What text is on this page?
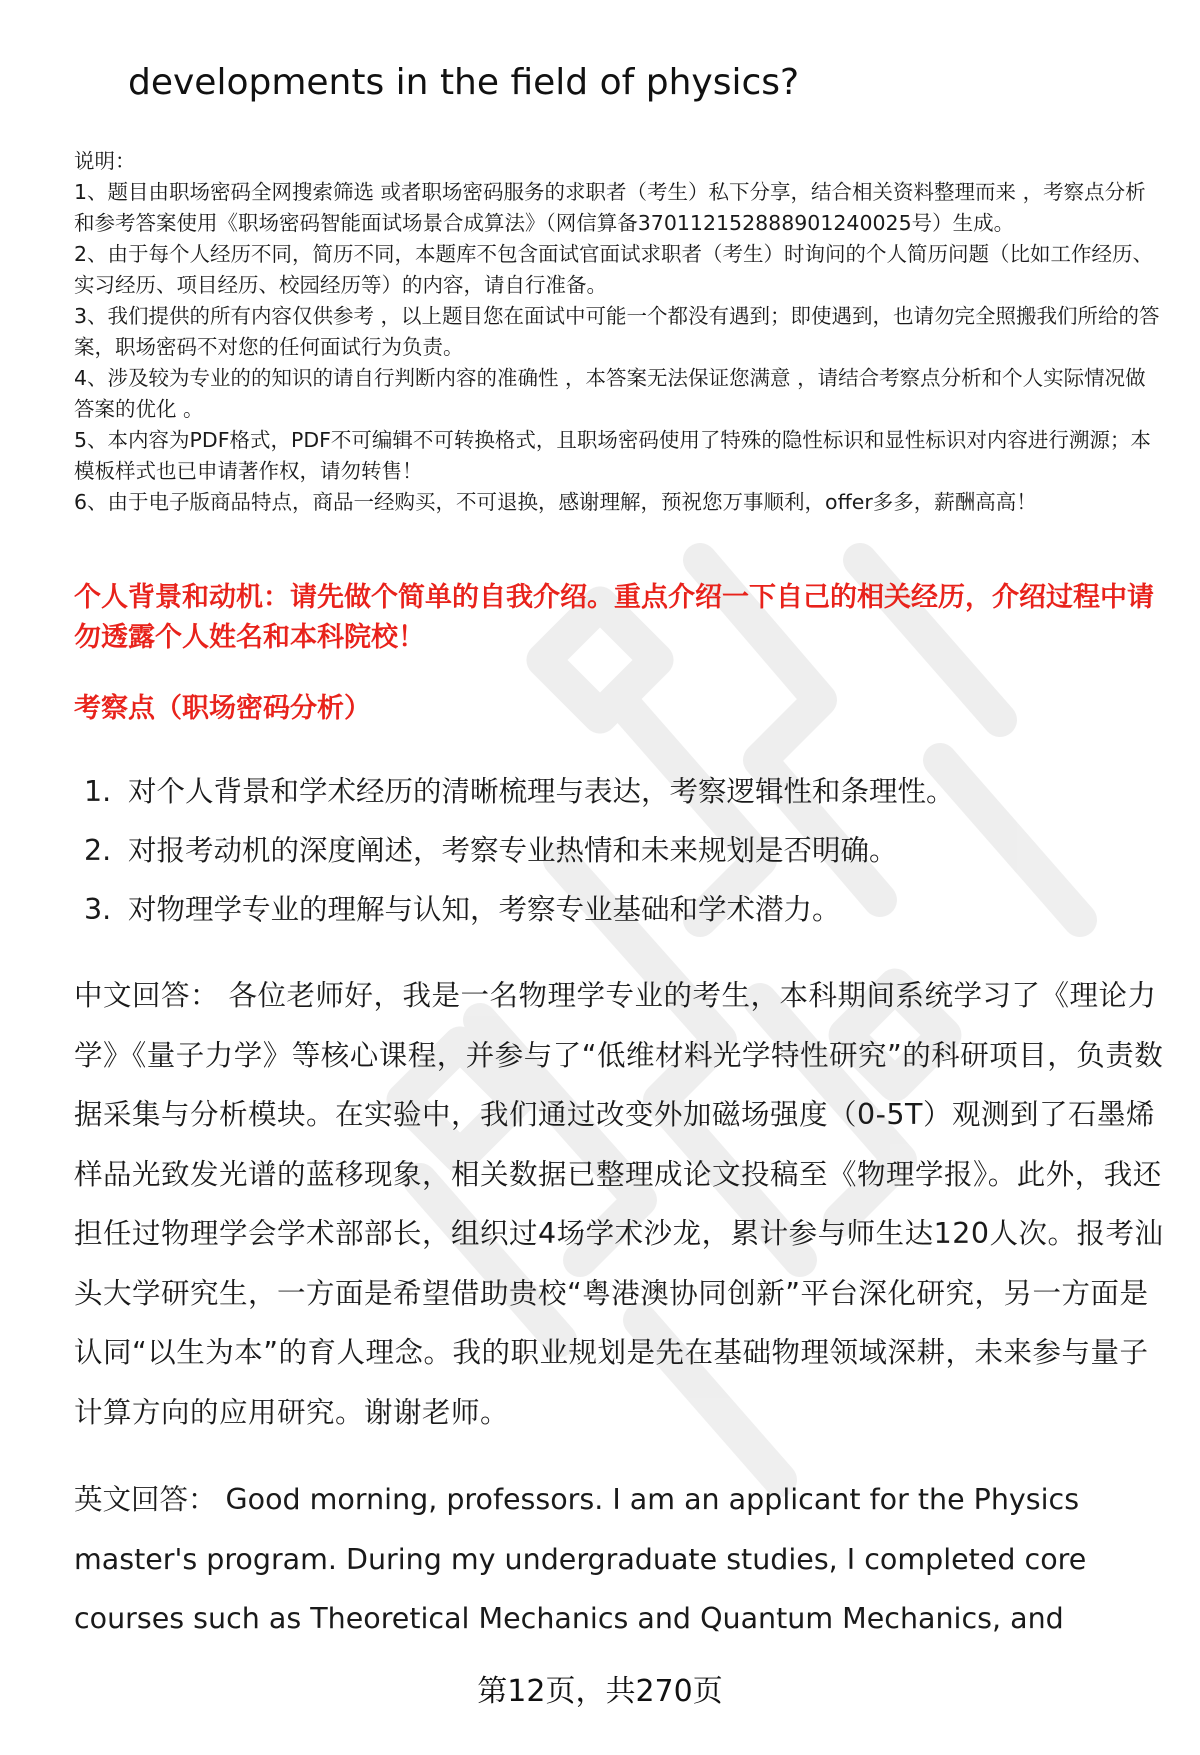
developments in the field of physics?

说明：

1、题目由职场密码全网搜索筛选 或者职场密码服务的求职者（考生）私下分享，结合相关资料整理而来 ，考察点分析和参考答案使用《职场密码智能面试场景合成算法》（网信算备370112152888901240025号）生成。

2、由于每个人经历不同，简历不同，本题库不包含面试官面试求职者（考生）时询问的个人简历问题（比如工作经历、实习经历、项目经历、校园经历等）的内容，请自行准备。

3、我们提供的所有内容仅供参考 ，以上题目您在面试中可能一个都没有遇到；即使遇到，也请勿完全照搬我们所给的答案，职场密码不对您的任何面试行为负责。

4、涉及较为专业的的知识的请自行判断内容的准确性 ，本答案无法保证您满意 ，请结合考察点分析和个人实际情况做答案的优化 。

5、本内容为PDF格式，PDF不可编辑不可转换格式，且职场密码使用了特殊的隐性标识和显性标识对内容进行溯源；本模板样式也已申请著作权，请勿转售！

6、由于电子版商品特点，商品一经购买，不可退换，感谢理解，预祝您万事顺利，offer多多，薪酬高高！

个人背景和动机：请先做个简单的自我介绍。重点介绍一下自己的相关经历，介绍过程中请勿透露个人姓名和本科院校！
考察点（职场密码分析）
1. 对个人背景和学术经历的清晰梳理与表达，考察逻辑性和条理性。
2. 对报考动机的深度阐述，考察专业热情和未来规划是否明确。
3. 对物理学专业的理解与认知，考察专业基础和学术潜力。

中文回答： 各位老师好，我是一名物理学专业的考生，本科期间系统学习了《理论力学》《量子力学》等核心课程，并参与了“低维材料光学特性研究”的科研项目，负责数据采集与分析模块。在实验中，我们通过改变外加磁场强度（0-5T）观测到了石墨烯样品光致发光谱的蓝移现象，相关数据已整理成论文投稿至《物理学报》。此外，我还担任过物理学会学术部部长，组织过4场学术沙龙，累计参与师生达120人次。报考汕头大学研究生，一方面是希望借助贵校“粤港澳协同创新”平台深化研究，另一方面是认同“以生为本”的育人理念。我的职业规划是先在基础物理领域深耕，未来参与量子计算方向的应用研究。谢谢老师。

英文回答： Good morning, professors. I am an applicant for the Physics master's program. During my undergraduate studies, I completed core courses such as Theoretical Mechanics and Quantum Mechanics, and

第12页，共270页
